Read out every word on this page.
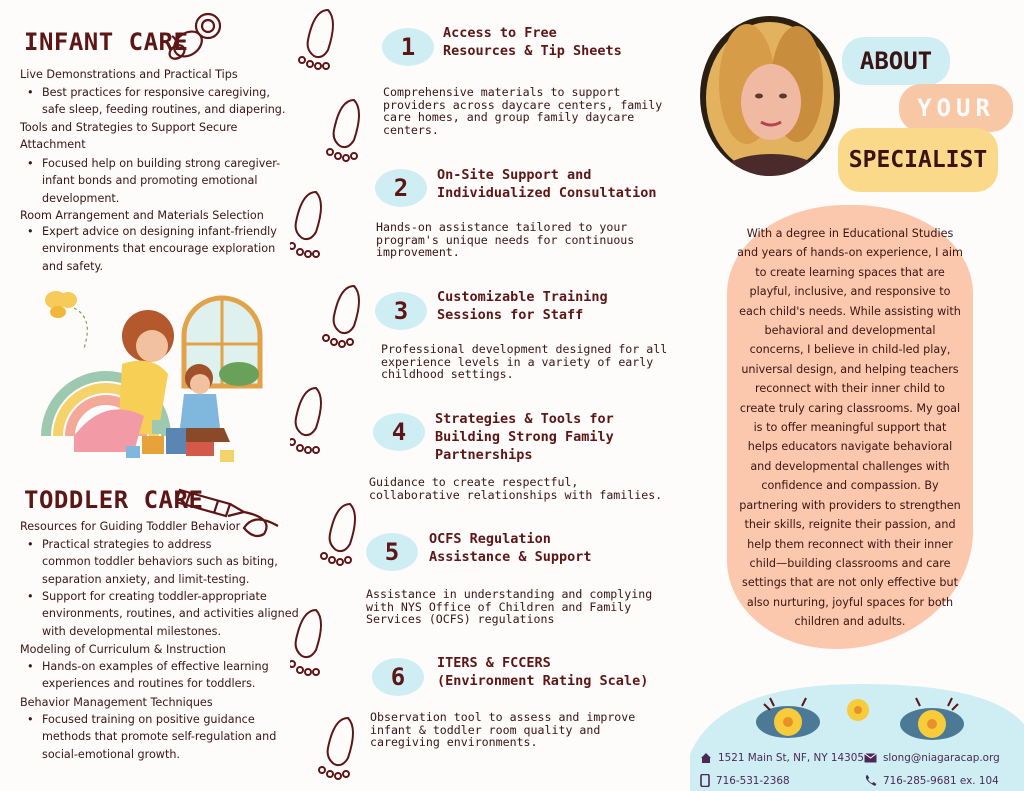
INFANT CARE
Live Demonstrations and Practical Tips
• Best practices for responsive caregiving,
safe sleep, feeding routines, and diapering.
Tools and Strategies to Support Secure
Attachment
• Focused help on building strong caregiver-
infant bonds and promoting emotional
development.
Room Arrangement and Materials Selection
• Expert advice on designing infant-friendly
environments that encourage exploration
and safety.
TODDLER CARE
Resources for Guiding Toddler Behavior
• Practical strategies to address
common toddler behaviors such as biting,
separation anxiety, and limit-testing.
• Support for creating toddler-appropriate
environments, routines, and activities aligned
with developmental milestones.
Modeling of Curriculum & Instruction
• Hands-on examples of effective learning
experiences and routines for toddlers.
Behavior Management Techniques
• Focused training on positive guidance
methods that promote self-regulation and
social-emotional growth.
1	Access to Free
Resources & Tip Sheets
Comprehensive materials to support
providers across daycare centers, family
care homes, and group family daycare
centers.
2	On-Site Support and
Individualized Consultation
Hands-on assistance tailored to your
program's unique needs for continuous
improvement.
3	Customizable Training
Sessions for Staff
Professional development designed for all
experience levels in a variety of early
childhood settings.
4	Strategies & Tools for
Building Strong Family
Partnerships
Guidance to create respectful,
collaborative relationships with families.
5	OCFS Regulation
Assistance & Support
Assistance in understanding and complying
with NYS Office of Children and Family
Services (OCFS) regulations
6	ITERS & FCCERS
(Environment Rating Scale)
Observation tool to assess and improve
infant & toddler room quality and
caregiving environments.
ABOUT
YOUR
SPECIALIST
With a degree in Educational Studies and years of hands-on experience, I aim to create learning spaces that are playful, inclusive, and responsive to each child's needs. While assisting with behavioral and developmental concerns, I believe in child-led play, universal design, and helping teachers reconnect with their inner child to create truly caring classrooms. My goal is to offer meaningful support that helps educators navigate behavioral and developmental challenges with confidence and compassion. By partnering with providers to strengthen their skills, reignite their passion, and help them reconnect with their inner child—building classrooms and care settings that are not only effective but also nurturing, joyful spaces for both children and adults.
1521 Main St, NF, NY 14305 slong@niagaracap.org
716-531-2368	716-285-9681 ex. 104
